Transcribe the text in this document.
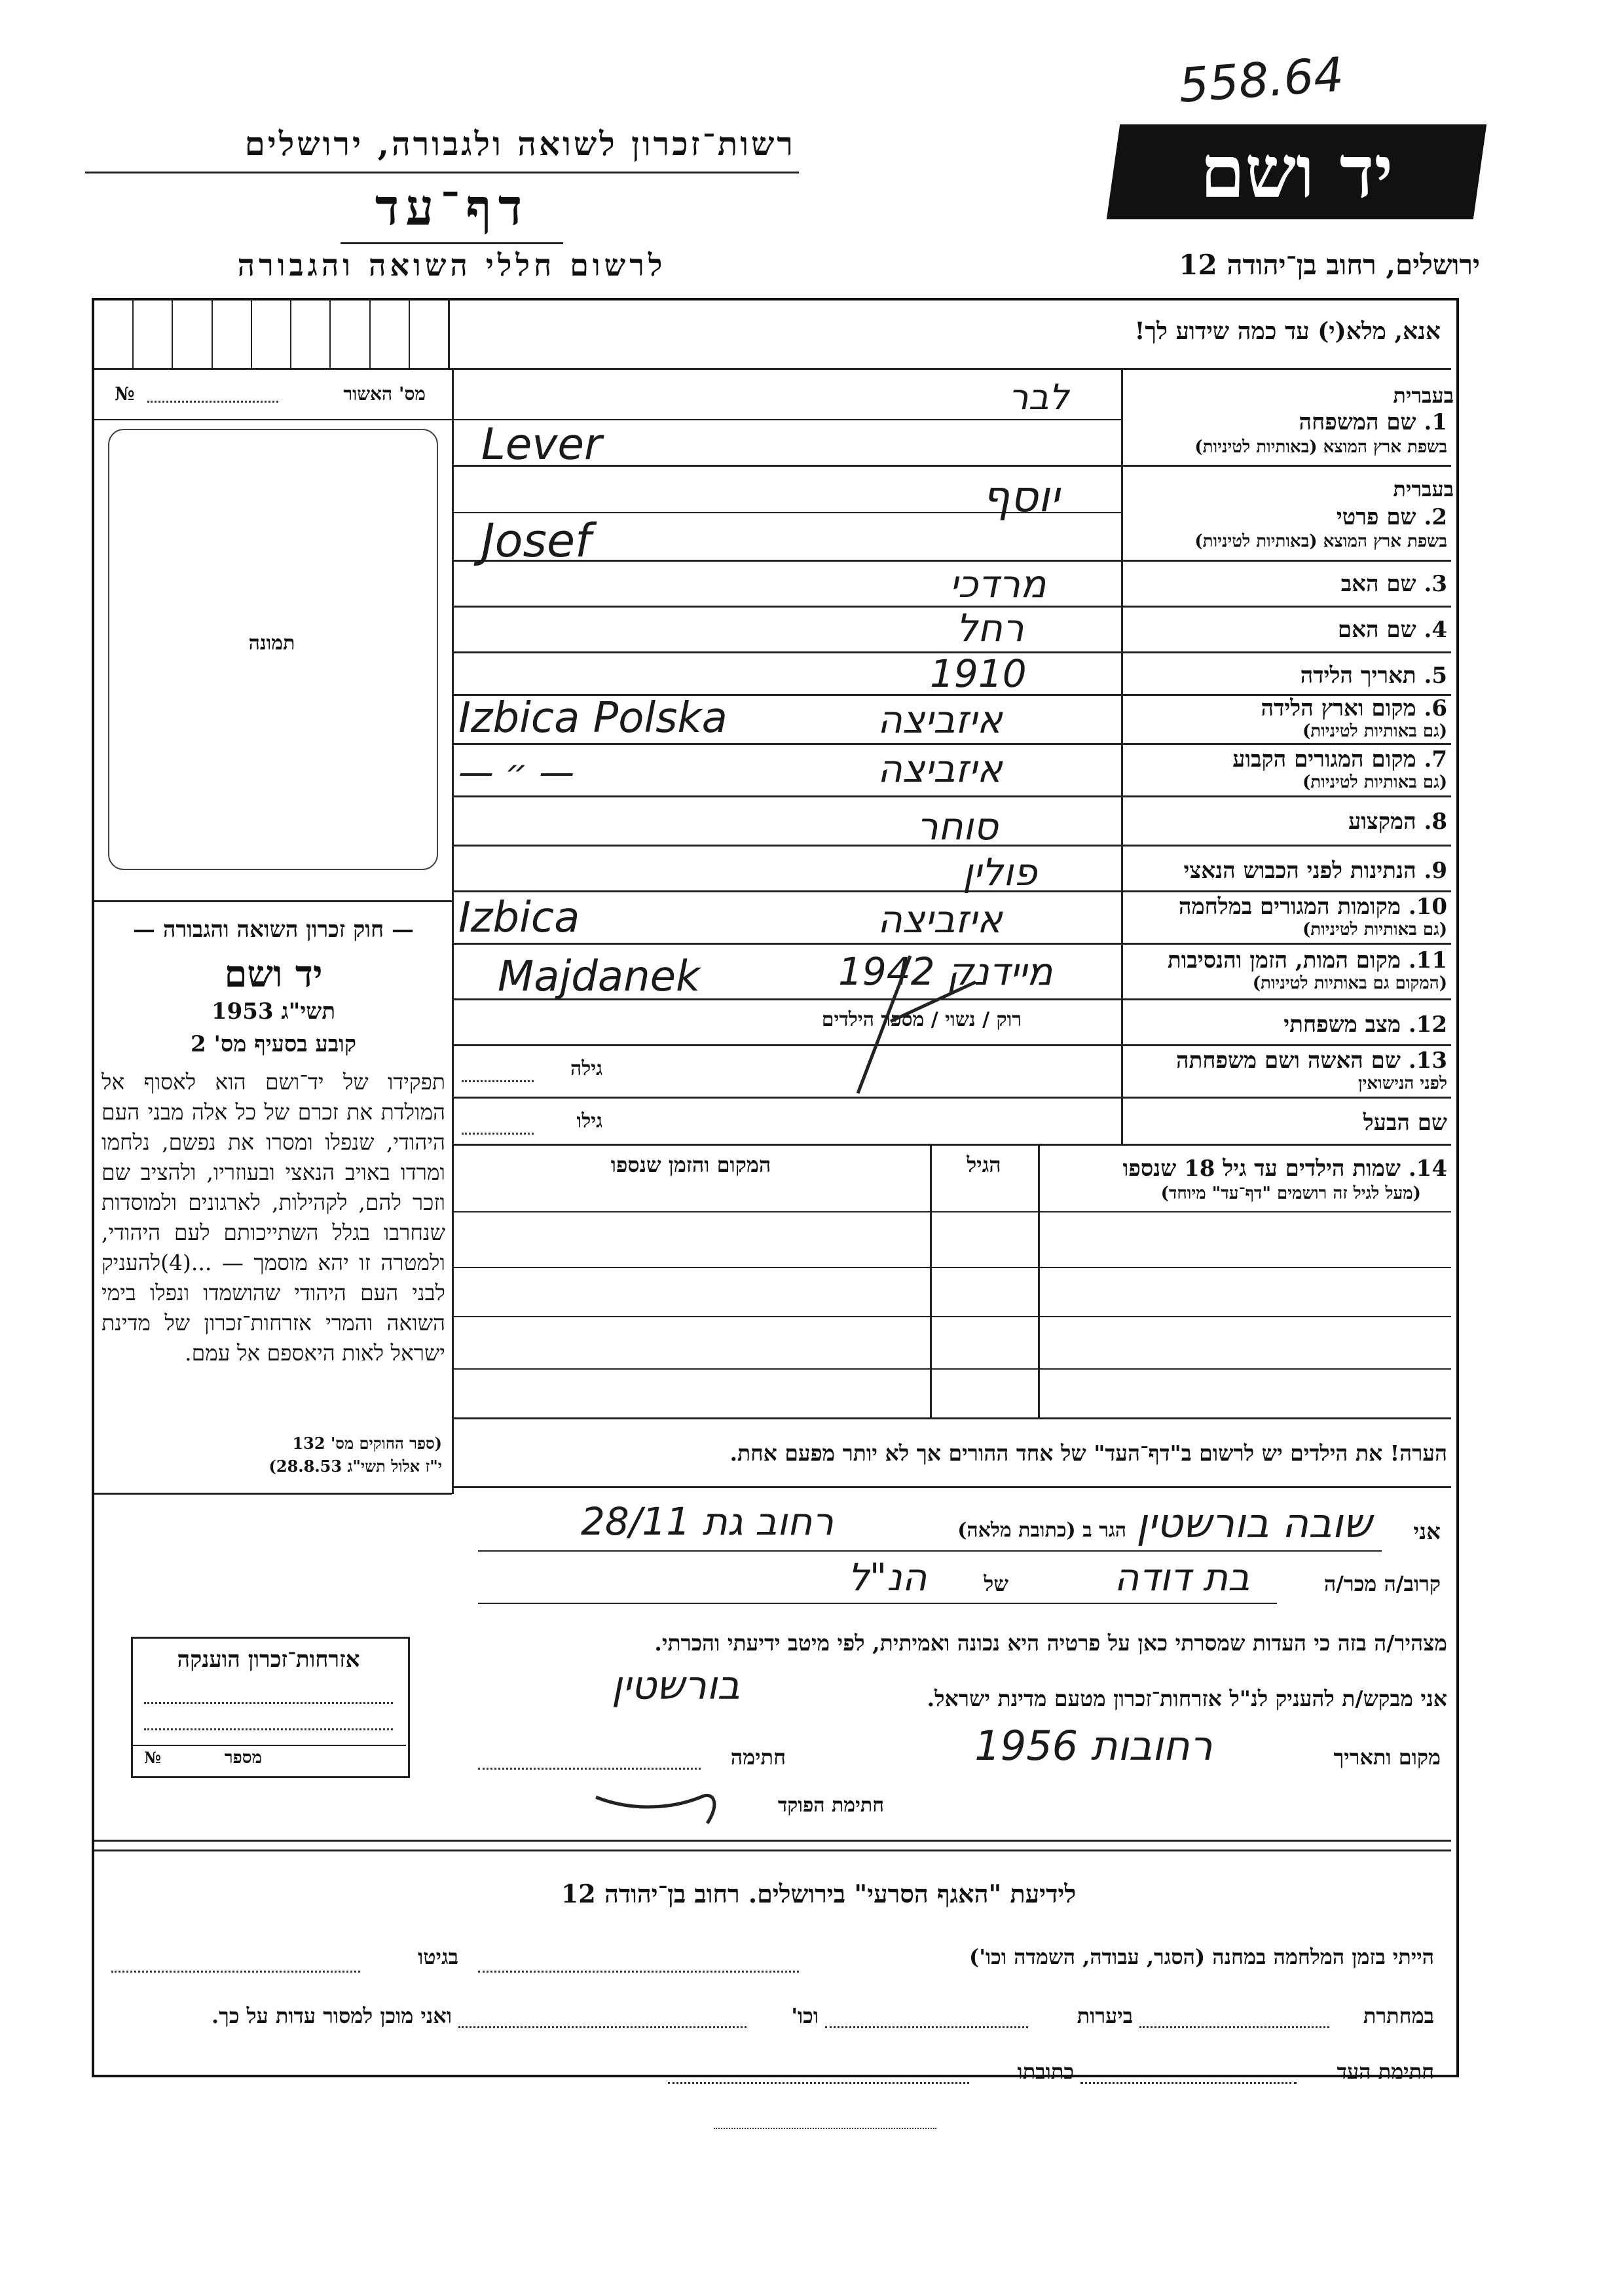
558.64
רשות־זכרון לשואה ולגבורה, ירושלים
דף־עד
לרשום חללי השואה והגבורה
יד ושם
ירושלים, רחוב בן־יהודה 12
אנא, מלא(י) עד כמה שידוע לך!
מס' האשור
№
תמונה
— חוק זכרון השואה והגבורה —
יד ושם
תשי"ג 1953
קובע בסעיף מס' 2
תפקידו של יד־ושם הוא לאסוף אל המולדת את זכרם של כל אלה מבני העם היהודי, שנפלו ומסרו את נפשם, נלחמו ומרדו באויב הנאצי ובעוזריו, ולהציב שם וזכר להם, לקהילות, לארגונים ולמוסדות שנחרבו בגלל השתייכותם לעם היהודי, ולמטרה זו יהא מוסמך — ...(4)להעניק לבני העם היהודי שהושמדו ונפלו בימי השואה והמרי אזרחות־זכרון של מדינת ישראל לאות היאספם אל עמם.
(ספר החוקים מס' 132
י"ז אלול תשי"ג 28.8.53)
אזרחות־זכרון הוענקה
מספר
№
בעברית
1. שם המשפחה
בשפת ארץ המוצא (באותיות לטיניות)
בעברית
2. שם פרטי
בשפת ארץ המוצא (באותיות לטיניות)
3. שם האב
4. שם האם
5. תאריך הלידה
6. מקום וארץ הלידה
(גם באותיות לטיניות)
7. מקום המגורים הקבוע
(גם באותיות לטיניות)
8. המקצוע
9. הנתינות לפני הכבוש הנאצי
10. מקומות המגורים במלחמה
(גם באותיות לטיניות)
11. מקום המות, הזמן והנסיבות
(המקום גם באותיות לטיניות)
12. מצב משפחתי
13. שם האשה ושם משפחתה
לפני הנישואין
שם הבעל
לבר
Lever
יוסף
Josef
מרדכי
רחל
1910
איזביצה
Izbica Polska
איזביצה
— ״ —
סוחר
פולין
איזביצה
Izbica
מיידנק 1942
Majdanek
רוק / נשוי / מספר הילדים
גילה
גילו
14. שמות הילדים עד גיל 18 שנספו
(מעל לגיל זה רושמים "דף־עד" מיוחד)
הגיל
המקום והזמן שנספו
הערה! את הילדים יש לרשום ב"דף־העד" של אחד ההורים אך לא יותר מפעם אחת.
אני
שובה בורשטין
הגר ב (כתובת מלאה)
רחוב גת 28/11
קרוב/ה מכר/ה
בת דודה
של
הנ"ל
מצהיר/ה בזה כי העדות שמסרתי כאן על פרטיה היא נכונה ואמיתית, לפי מיטב ידיעתי והכרתי.
אני מבקש/ת להעניק לנ"ל אזרחות־זכרון מטעם מדינת ישראל.
בורשטין
מקום ותאריך
רחובות 1956
חתימה
חתימת הפוקד
לידיעת "האגף הסרעי" בירושלים. רחוב בן־יהודה 12
הייתי בזמן המלחמה במחנה (הסגר, עבודה, השמדה וכו')
בגיטו
במחתרת
ביערות
וכו'
ואני מוכן למסור עדות על כך.
חתימת העד
כתובתו
